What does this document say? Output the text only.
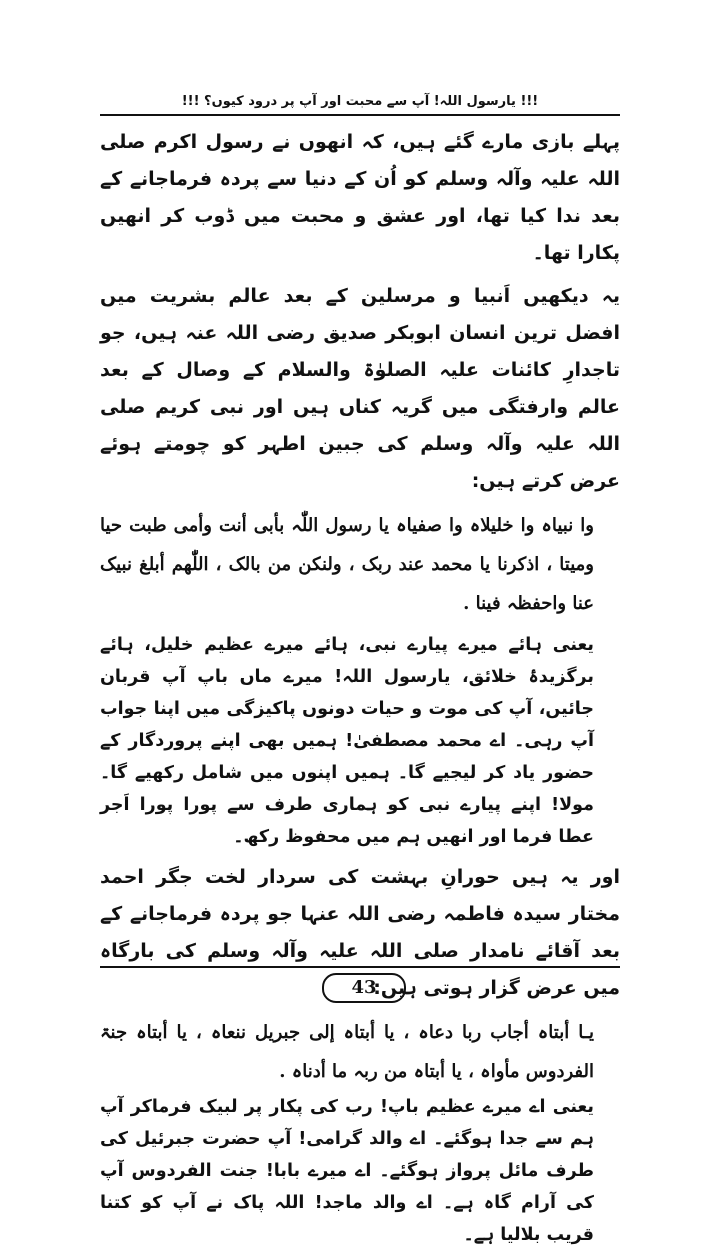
!!! یارسول اللہ! آپ سے محبت اور آپ پر درود کیوں؟ !!!

پہلے بازی مارے گئے ہیں، کہ انھوں نے رسول اکرم صلی اللہ علیہ وآلہ وسلم کو اُن کے دنیا سے پردہ فرماجانے کے بعد ندا کیا تھا، اور عشق و محبت میں ڈوب کر انھیں پکارا تھا۔

یہ دیکھیں اَنبیا و مرسلین کے بعد عالم بشریت میں افضل ترین انسان ابوبکر صدیق رضی اللہ عنہ ہیں، جو تاجدارِ کائنات علیہ الصلوٰۃ والسلام کے وصال کے بعد عالم وارفتگی میں گریہ کناں ہیں اور نبی کریم صلی اللہ علیہ وآلہ وسلم کی جبین اطہر کو چومتے ہوئے عرض کرتے ہیں:

وا نبیاہ وا خلیلاہ وا صفیاہ یا رسول اللّٰہ بأبی أنت وأمی طبت حیا ومیتا ، اذکرنا یا محمد عند ربک ، ولنکن من بالک ، اللّٰھم أبلغ نبیک عنا واحفظہ فینا .

یعنی ہائے میرے پیارے نبی، ہائے میرے عظیم خلیل، ہائے برگزیدۂ خلائق، یارسول اللہ! میرے ماں باپ آپ قربان جائیں، آپ کی موت و حیات دونوں پاکیزگی میں اپنا جواب آپ رہی۔ اے محمد مصطفیٰ! ہمیں بھی اپنے پروردگار کے حضور یاد کر لیجیے گا۔ ہمیں اپنوں میں شامل رکھیے گا۔ مولا! اپنے پیارے نبی کو ہماری طرف سے پورا پورا اَجر عطا فرما اور انھیں ہم میں محفوظ رکھ۔

اور یہ ہیں حورانِ بہشت کی سردار لخت جگر احمد مختار سیدہ فاطمہ رضی اللہ عنہا جو پردہ فرماجانے کے بعد آقائے نامدار صلی اللہ علیہ وآلہ وسلم کی بارگاہ میں عرض گزار ہوتی ہیں:

یـا أبتاہ أجاب ربا دعاہ ، یا أبتاہ إلی جبریل ننعاہ ، یا أبتاہ جنۃ الفردوس مأواہ ، یا أبتاہ من ربہ ما أدناہ .

یعنی اے میرے عظیم باپ! رب کی پکار پر لبیک فرماکر آپ ہم سے جدا ہوگئے۔ اے والد گرامی! آپ حضرت جبرئیل کی طرف مائل پرواز ہوگئے۔ اے میرے بابا! جنت الفردوس آپ کی آرام گاہ ہے۔ اے والد ماجد! اللہ پاک نے آپ کو کتنا قریب بلالیا ہے۔

43
